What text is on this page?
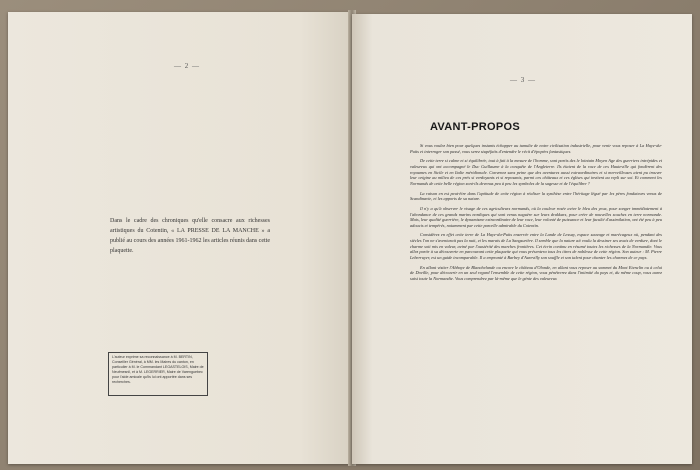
— 2 —
Dans le cadre des chroniques qu'elle consacre aux richesses artistiques du Cotentin, « LA PRESSE DE LA MANCHE » a publié au cours des années 1961-1962 les articles réunis dans cette plaquette.
L'auteur exprime sa reconnaissance à M. BERTIN, Conseiller Général, à MM. les Maires du canton, en particulier à M. le Commandant LEGASTELOIS, Maire de Neufmesnil, et à M. LEGERRIER, Maire de Varenguebec pour l'aide amicale qu'ils lui ont apportée dans ses recherches.
— 3 —
AVANT-PROPOS

Si vous voulez bien pour quelques instants échapper au tumulte de notre civilisation industrielle, pour venir vous reposer à La Haye-du-Puits et interroger son passé, vous serez stupéfaits d'entendre le récit d'épopées fantastiques.

De cette terre si calme et si équilibrée, tout à fait à la mesure de l'homme, sont partis des le lointain Moyen Age des guerriers intrépides et valeureux qui ont accompagné le Duc Guillaume à la conquête de l'Angleterre. Ils étaient de la race de ces Hauteville qui fondèrent des royaumes en Sicile et en Italie méridionale. Convenez sans peine que des aventures aussi extraordinaires et si merveilleuses aient pu trouver leur origine au milieu de ces prés si verdoyants et si reposants, parmi ces châteaux et ces églises qui invitent au repli sur soi. Et comment les Normands de cette belle région sont-ils devenus peu à peu les symboles de la sagesse et de l'équilibre ?

La raison en est peut-être dans l'aptitude de cette région à réaliser la synthèse entre l'héritage légué par les pères fondateurs venus de Scandinavie, et les apports de sa nature.

Il n'y a qu'à observer le visage de ces agriculteurs normands, où la couleur rosée avive le bleu des yeux, pour songer immédiatement à l'abondance de ces grands marins nordiques qui sont venus naguère sur leurs drakkars, pour créer de nouvelles souches en terre normande. Mais, leur qualité guerrière, le dynamisme extraordinaire de leur race, leur volonté de puissance et leur faculté d'assimilation, ont été peu à peu adoucis et tempérés, notamment par cette parcelle admirable du Cotentin.

Considérez en effet cette terre de La Haye-du-Puits enserrée entre la Lande de Lessay, espace sauvage et marécageux où, pendant des siècles l'on ne s'aventurait pas la nuit, et les marais de La Sangsurière. Il semble que la nature ait voulu la dessiner ses avais de verdure, dont le charme soit mis en valeur, aviné par l'austérité des marches frontières. Cet écrin continu en résumé toutes les richesses de la Normandie. Vous allez partir à sa découverte en parcourant cette plaquette qui vous présentera tous les titres de noblesse de cette région. Son auteur : M. Pierre Leberruyer, est un guide incomparable. Il a emprunté à Barbey d'Aurevilly son souffle et son talent pour chanter les charmes de ce pays.

En allant visiter l'Abbaye de Blanchelande ou encore le château d'Olonde, en allant vous reposer au sommet du Mont Etenclin ou à celui de Doville, pour découvrir en un seul regard l'ensemble de cette région, vous pénétrerez dans l'intimité du pays et, du même coup, vous aurez saisi toute la Normandie. Vous comprendrez par là-même que le génie des valeureux
